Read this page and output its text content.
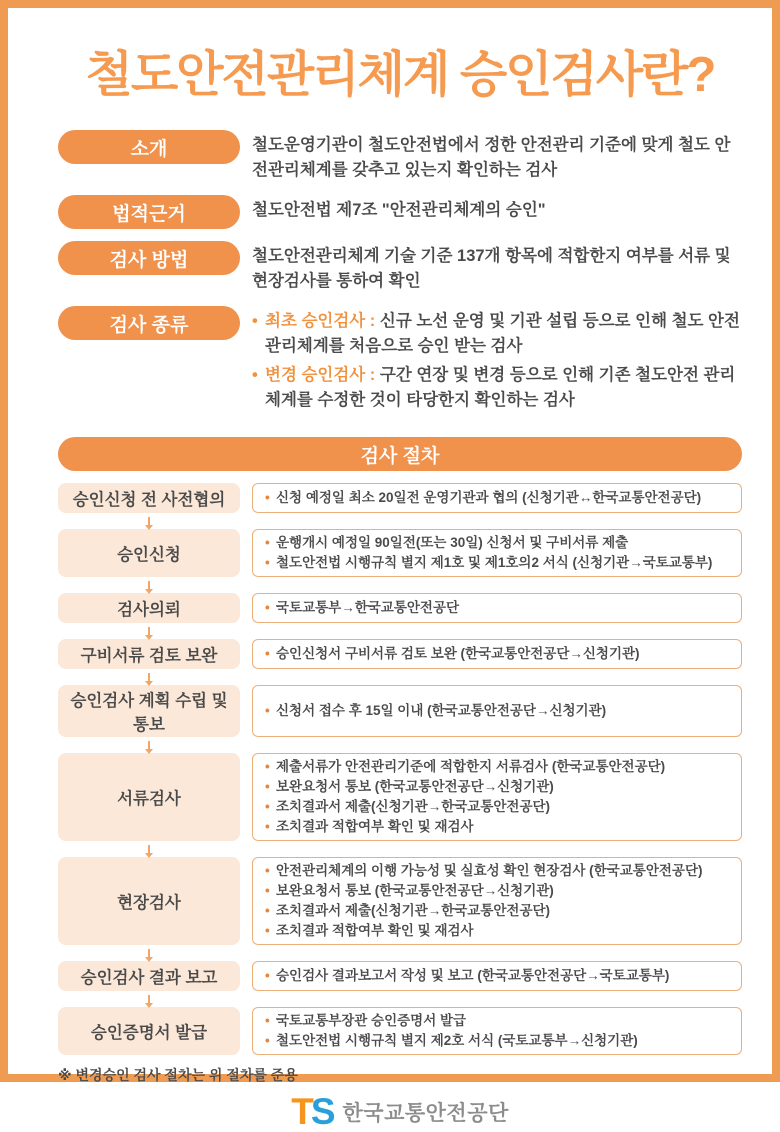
철도안전관리체계 승인검사란?
소개	철도운영기관이 철도안전법에서 정한 안전관리 기준에 맞게 철도 안전관리체계를 갖추고 있는지 확인하는 검사

법적근거	철도안전법 제7조 "안전관리체계의 승인"

검사 방법	철도안전관리체계 기술 기준 137개 항목에 적합한지 여부를 서류 및 현장검사를 통하여 확인

검사 종류	• 최초 승인검사 : 신규 노선 운영 및 기관 설립 등으로 인해 철도 안전관리체계를 처음으로 승인 받는 검사
• 변경 승인검사 : 구간 연장 및 변경 등으로 인해 기존 철도안전 관리체계를 수정한 것이 타당한지 확인하는 검사
검사 절차
승인신청 전 사전협의	• 신청 예정일 최소 20일전 운영기관과 협의 (신청기관↔한국교통안전공단)
승인신청
• 운행개시 예정일 90일전(또는 30일) 신청서 및 구비서류 제출
• 철도안전법 시행규칙 별지 제1호 및 제1호의2 서식 (신청기관→국토교통부)
검사의뢰	• 국토교통부→한국교통안전공단
구비서류 검토 보완	• 승인신청서 구비서류 검토 보완 (한국교통안전공단→신청기관)
승인검사 계획 수립 및 통보
• 신청서 접수 후 15일 이내 (한국교통안전공단→신청기관)
서류검사
• 제출서류가 안전관리기준에 적합한지 서류검사 (한국교통안전공단)
• 보완요청서 통보 (한국교통안전공단→신청기관)
• 조치결과서 제출(신청기관→한국교통안전공단)
• 조치결과 적합여부 확인 및 재검사
현장검사
• 안전관리체계의 이행 가능성 및 실효성 확인 현장검사 (한국교통안전공단)
• 보완요청서 통보 (한국교통안전공단→신청기관)
• 조치결과서 제출(신청기관→한국교통안전공단)
• 조치결과 적합여부 확인 및 재검사
승인검사 결과 보고	• 승인검사 결과보고서 작성 및 보고 (한국교통안전공단→국토교통부)
승인증명서 발급
• 국토교통부장관 승인증명서 발급
• 철도안전법 시행규칙 별지 제2호 서식 (국토교통부→신청기관)

※ 변경승인 검사 절차는 위 절차를 준용

TS 한국교통안전공단
